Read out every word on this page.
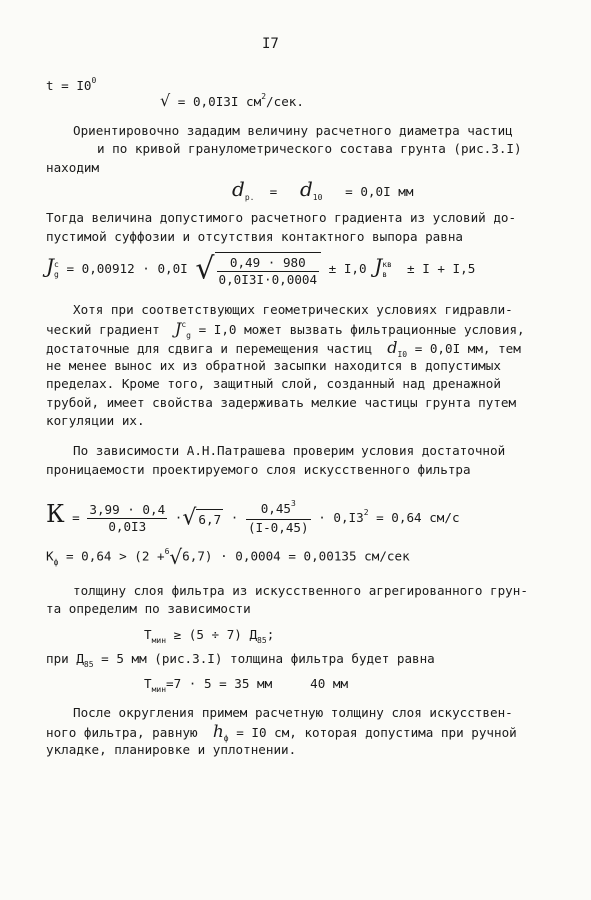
I7
$t = I0^0$
√ = 0,0I3I $см^2$/сек.
Ориентировочно зададим величину расчетного диаметра частиц
и по кривой гранулометрического состава грунта (рис.3.I)
находим
$d_{р.} = d_{10} = 0,0I$ мм
Тогда величина допустимого расчетного градиента из условий до-
пустимой суффозии и отсутствия контактного выпора равна
J c
g = 0,00912 · 0,0I √ $\frac{0,49 \cdot 980}{0,0I3I\cdot 0,0004} \pm I,0$ J кв
в	± I + I,5
Хотя при соответствующих геометрических условиях гидравли-
ческий градиент $J^c_g = I,0$ может вызвать фильтрационные условия,
достаточные для сдвига и перемещения частиц $d_{I0} = 0,0I$ мм, тем
не менее вынос их из обратной засыпки находится в допустимых
пределах. Кроме того, защитный слой, созданный над дренажной
трубой, имеет свойства задерживать мелкие частицы грунта путем
когуляции их.
По зависимости А.Н.Патрашева проверим условия достаточной
проницаемости проектируемого слоя искусственного фильтра
$К = \frac{3,99 \cdot 0,4}{0,0I3}$ ·√ $6,7 \cdot \frac{0,45^3}{(I-0,45)} \cdot 0,I3^2 = 0,64$ см/с
$К_ф = 0,64 > (2 +^6√6,7) \cdot 0,0004 = 0,00135$ см/сек
толщину слоя фильтра из искусственного агрегированного грун-
та определим по зависимости
$Т_{мин} \ge (5 \div 7)$ $Д_{85}$;
при $Д_{85} = 5$ мм (рис.3.I) толщина фильтра будет равна
$Т_{мин}=7 \cdot 5 = 35$ мм	40 мм
После округления примем расчетную толщину слоя искусствен-
ного фильтра, равную $h_ф = I0$ см, которая допустима при ручной
укладке, планировке и уплотнении.
